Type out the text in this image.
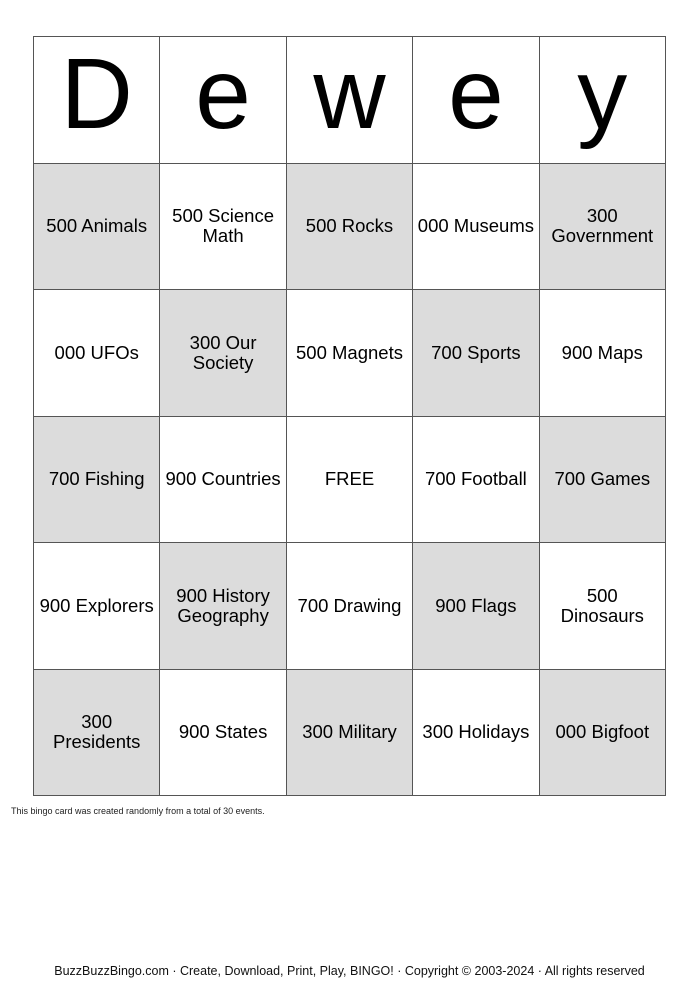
D e w e y
500 Animals	500 Science Math	500 Rocks	000 Museums	300 Government
000 UFOs	300 Our Society	500 Magnets	700 Sports	900 Maps
700 Fishing	900 Countries	FREE	700 Football	700 Games
900 Explorers	900 History Geography	700 Drawing	900 Flags	500 Dinosaurs
300 Presidents	900 States	300 Military	300 Holidays	000 Bigfoot
This bingo card was created randomly from a total of 30 events.
BuzzBuzzBingo.com · Create, Download, Print, Play, BINGO! · Copyright © 2003-2024 · All rights reserved
